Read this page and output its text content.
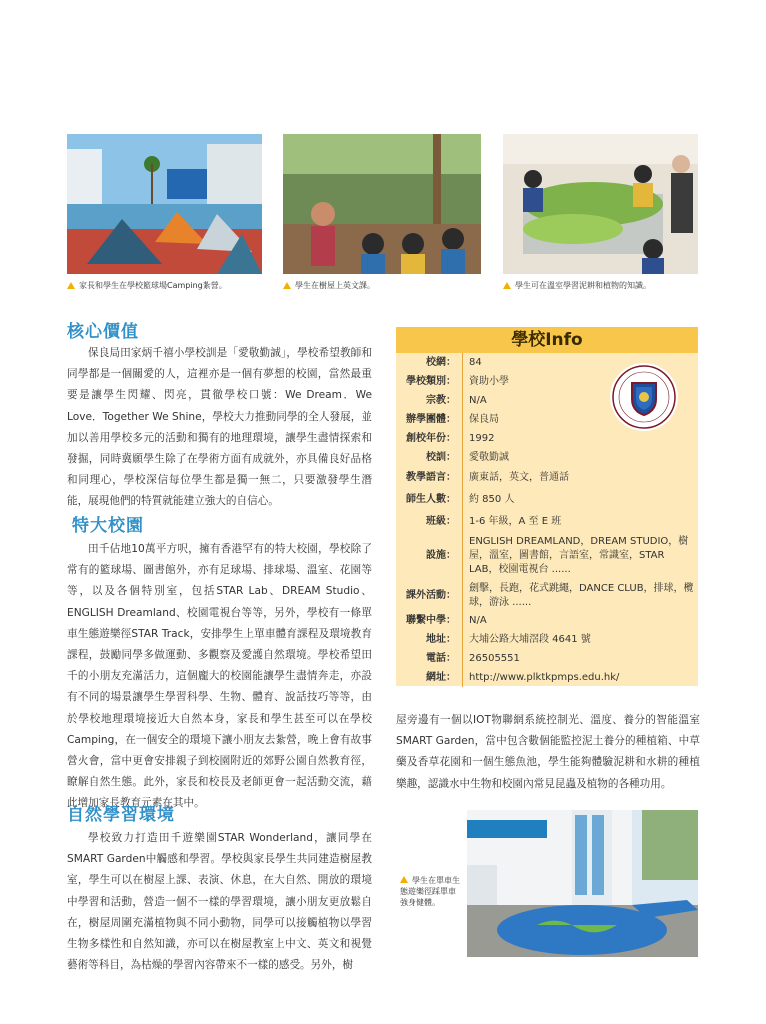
家長和學生在學校籃球場Camping紮營。	學生在樹屋上英文課。	學生可在溫室學習泥耕和植物的知識。
核心價值

保良局田家炳千禧小學校訓是「愛敬勤誠」，學校希望教師和同學都是一個關愛的人，這裡亦是一個有夢想的校園，當然最重要是讓學生閃耀、閃亮，貫徹學校口號：We Dream．We Love．Together We Shine，學校大力推動同學的全人發展，並加以善用學校多元的活動和獨有的地理環境，讓學生盡情探索和發掘，同時冀願學生除了在學術方面有成就外，亦具備良好品格和同理心，學校深信每位學生都是獨一無二，只要激發學生潛能，展現他們的特質就能建立強大的自信心。

特大校園

田千佔地10萬平方呎，擁有香港罕有的特大校園，學校除了常有的籃球場、圖書館外，亦有足球場、排球場、溫室、花園等等，以及各個特別室，包括STAR Lab、DREAM Studio、ENGLISH Dreamland、校園電視台等等，另外，學校有一條單車生態遊樂徑STAR Track，安排學生上單車體育課程及環境教育課程，鼓勵同學多做運動、多觀察及愛護自然環境。學校希望田千的小朋友充滿活力，這個龐大的校園能讓學生盡情奔走，亦設有不同的場景讓學生學習科學、生物、體育、說話技巧等等，由於學校地理環境接近大自然本身，家長和學生甚至可以在學校Camping，在一個安全的環境下讓小朋友去紮營，晚上會有故事營火會，當中更會安排親子到校園附近的郊野公園自然教育徑，瞭解自然生態。此外，家長和校長及老師更會一起活動交流，藉此增加家長教育元素在其中。

自然學習環境

學校致力打造田千遊樂園STAR Wonderland，讓同學在SMART Garden中觸感和學習。學校與家長學生共同建造樹屋教室，學生可以在樹屋上課、表演、休息，在大自然、開放的環境中學習和活動，營造一個不一樣的學習環境，讓小朋友更放鬆自在，樹屋周圍充滿植物與不同小動物，同學可以接觸植物以學習生物多樣性和自然知識，亦可以在樹屋教室上中文、英文和視覺藝術等科目，為枯燥的學習內容帶來不一樣的感受。另外，樹

學校Info
校網：	84
學校類別：	資助小學
宗教：	N/A
辦學團體：	保良局
創校年份：	1992
校訓：	愛敬勤誠
教學語言：	廣東話，英文，普通話
師生人數：	約 850 人
班級：	1-6 年級，A 至 E 班
設施：	ENGLISH DREAMLAND，DREAM STUDIO，樹屋，溫室，圖書館，言語室，常識室，STAR LAB，校園電視台 ......
課外活動：	劍擊，長跑，花式跳繩，DANCE CLUB，排球，欖球，游泳 ......
聯繫中學：	N/A
地址：	大埔公路大埔滘段 4641 號
電話：	26505551
網址：	http://www.plktkpmps.edu.hk/

屋旁邊有一個以IOT物聯網系統控制光、溫度、養分的智能溫室SMART Garden，當中包含數個能監控泥土養分的種植箱、中草藥及香草花園和一個生態魚池，學生能夠體驗泥耕和水耕的種植樂趣，認識水中生物和校園內常見昆蟲及植物的各種功用。

學生在單車生態遊樂徑踩單車強身健體。
